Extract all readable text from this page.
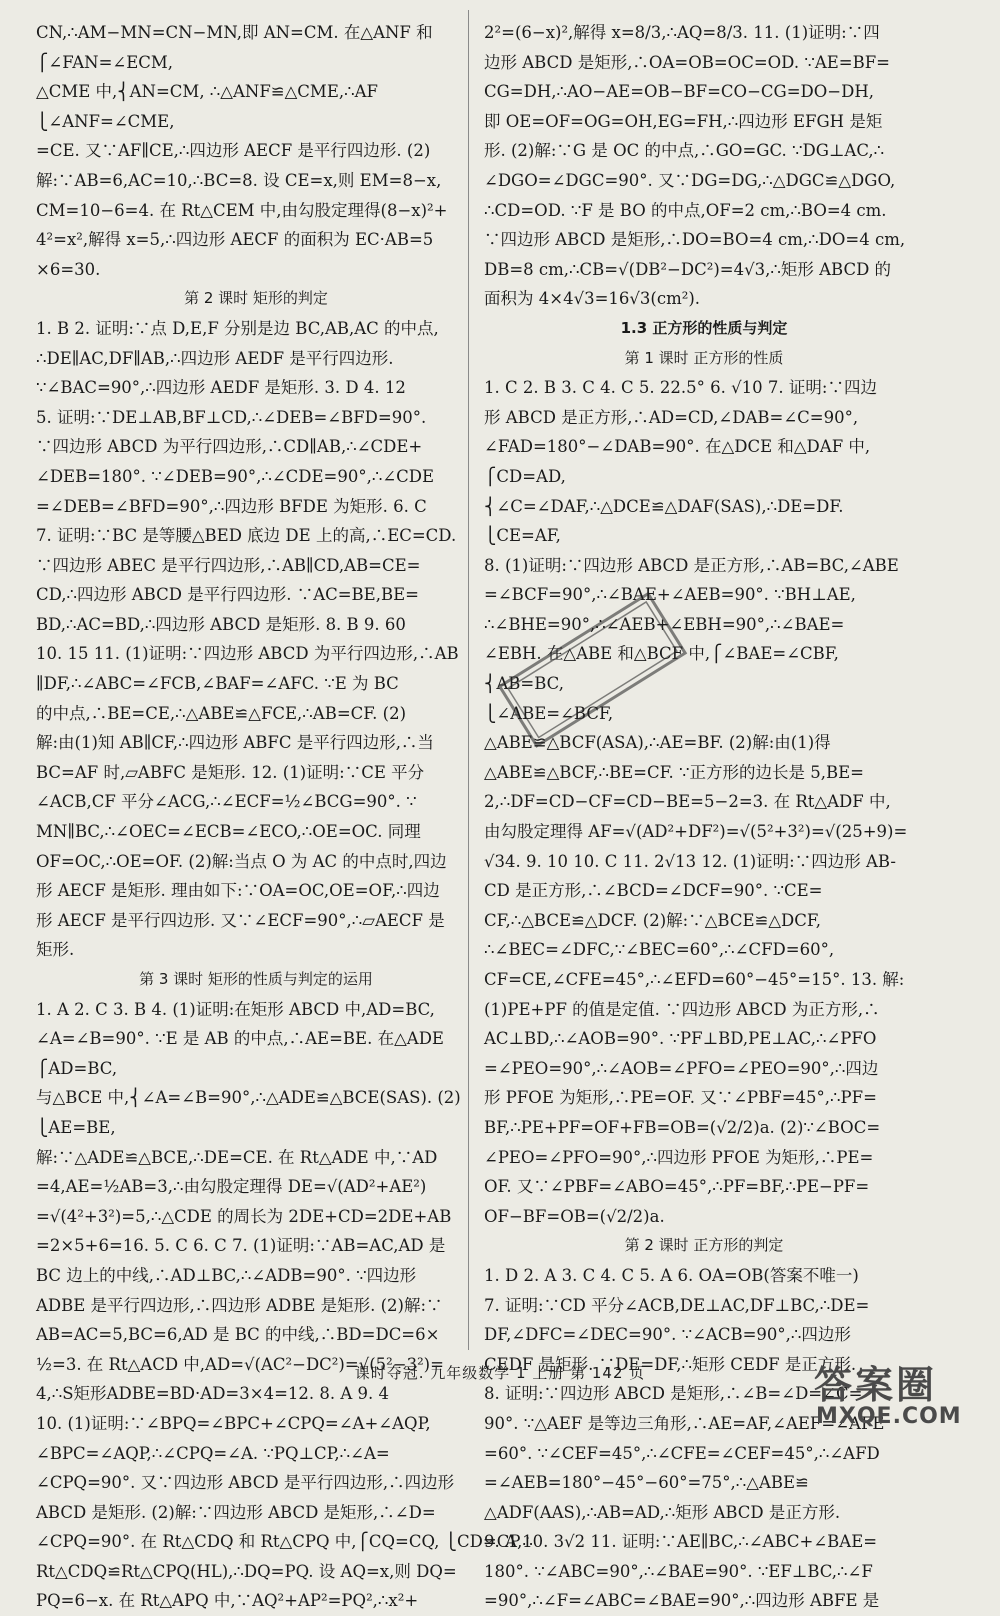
CN,∴AM−MN=CN−MN,即 AN=CM. 在△ANF 和
⎧∠FAN=∠ECM,
△CME 中,⎨AN=CM, ∴△ANF≌△CME,∴AF
⎩∠ANF=∠CME,
=CE. 又∵AF∥CE,∴四边形 AECF 是平行四边形. (2)
解:∵AB=6,AC=10,∴BC=8. 设 CE=x,则 EM=8−x,
CM=10−6=4. 在 Rt△CEM 中,由勾股定理得(8−x)²+
4²=x²,解得 x=5,∴四边形 AECF 的面积为 EC·AB=5
×6=30.
第 2 课时 矩形的判定
1. B 2. 证明:∵点 D,E,F 分别是边 BC,AB,AC 的中点,
∴DE∥AC,DF∥AB,∴四边形 AEDF 是平行四边形.
∵∠BAC=90°,∴四边形 AEDF 是矩形. 3. D 4. 12
5. 证明:∵DE⊥AB,BF⊥CD,∴∠DEB=∠BFD=90°.
∵四边形 ABCD 为平行四边形,∴CD∥AB,∴∠CDE+
∠DEB=180°. ∵∠DEB=90°,∴∠CDE=90°,∴∠CDE
=∠DEB=∠BFD=90°,∴四边形 BFDE 为矩形. 6. C
7. 证明:∵BC 是等腰△BED 底边 DE 上的高,∴EC=CD.
∵四边形 ABEC 是平行四边形,∴AB∥CD,AB=CE=
CD,∴四边形 ABCD 是平行四边形. ∵AC=BE,BE=
BD,∴AC=BD,∴四边形 ABCD 是矩形. 8. B 9. 60
10. 15 11. (1)证明:∵四边形 ABCD 为平行四边形,∴AB
∥DF,∴∠ABC=∠FCB,∠BAF=∠AFC. ∵E 为 BC
的中点,∴BE=CE,∴△ABE≌△FCE,∴AB=CF. (2)
解:由(1)知 AB∥CF,∴四边形 ABFC 是平行四边形,∴当
BC=AF 时,▱ABFC 是矩形. 12. (1)证明:∵CE 平分
∠ACB,CF 平分∠ACG,∴∠ECF=½∠BCG=90°. ∵
MN∥BC,∴∠OEC=∠ECB=∠ECO,∴OE=OC. 同理
OF=OC,∴OE=OF. (2)解:当点 O 为 AC 的中点时,四边
形 AECF 是矩形. 理由如下:∵OA=OC,OE=OF,∴四边
形 AECF 是平行四边形. 又∵∠ECF=90°,∴▱AECF 是
矩形.
第 3 课时 矩形的性质与判定的运用
1. A 2. C 3. B 4. (1)证明:在矩形 ABCD 中,AD=BC,
∠A=∠B=90°. ∵E 是 AB 的中点,∴AE=BE. 在△ADE
⎧AD=BC,
与△BCE 中,⎨∠A=∠B=90°,∴△ADE≌△BCE(SAS). (2)
⎩AE=BE,
解:∵△ADE≌△BCE,∴DE=CE. 在 Rt△ADE 中,∵AD
=4,AE=½AB=3,∴由勾股定理得 DE=√(AD²+AE²)
=√(4²+3²)=5,∴△CDE 的周长为 2DE+CD=2DE+AB
=2×5+6=16. 5. C 6. C 7. (1)证明:∵AB=AC,AD 是
BC 边上的中线,∴AD⊥BC,∴∠ADB=90°. ∵四边形
ADBE 是平行四边形,∴四边形 ADBE 是矩形. (2)解:∵
AB=AC=5,BC=6,AD 是 BC 的中线,∴BD=DC=6×
½=3. 在 Rt△ACD 中,AD=√(AC²−DC²)=√(5²−3²)=
4,∴S矩形ADBE=BD·AD=3×4=12. 8. A 9. 4
10. (1)证明:∵∠BPQ=∠BPC+∠CPQ=∠A+∠AQP,
∠BPC=∠AQP,∴∠CPQ=∠A. ∵PQ⊥CP,∴∠A=
∠CPQ=90°. 又∵四边形 ABCD 是平行四边形,∴四边形
ABCD 是矩形. (2)解:∵四边形 ABCD 是矩形,∴∠D=
∠CPQ=90°. 在 Rt△CDQ 和 Rt△CPQ 中,⎧CQ=CQ, ⎩CD=CP,∴
Rt△CDQ≌Rt△CPQ(HL),∴DQ=PQ. 设 AQ=x,则 DQ=
PQ=6−x. 在 Rt△APQ 中,∵AQ²+AP²=PQ²,∴x²+
2²=(6−x)²,解得 x=8/3,∴AQ=8/3. 11. (1)证明:∵四
边形 ABCD 是矩形,∴OA=OB=OC=OD. ∵AE=BF=
CG=DH,∴AO−AE=OB−BF=CO−CG=DO−DH,
即 OE=OF=OG=OH,EG=FH,∴四边形 EFGH 是矩
形. (2)解:∵G 是 OC 的中点,∴GO=GC. ∵DG⊥AC,∴
∠DGO=∠DGC=90°. 又∵DG=DG,∴△DGC≌△DGO,
∴CD=OD. ∵F 是 BO 的中点,OF=2 cm,∴BO=4 cm.
∵四边形 ABCD 是矩形,∴DO=BO=4 cm,∴DO=4 cm,
DB=8 cm,∴CB=√(DB²−DC²)=4√3,∴矩形 ABCD 的
面积为 4×4√3=16√3(cm²).
1.3 正方形的性质与判定
第 1 课时 正方形的性质
1. C 2. B 3. C 4. C 5. 22.5° 6. √10 7. 证明:∵四边
形 ABCD 是正方形,∴AD=CD,∠DAB=∠C=90°,
∠FAD=180°−∠DAB=90°. 在△DCE 和△DAF 中,
⎧CD=AD,
⎨∠C=∠DAF,∴△DCE≌△DAF(SAS),∴DE=DF.
⎩CE=AF,
8. (1)证明:∵四边形 ABCD 是正方形,∴AB=BC,∠ABE
=∠BCF=90°,∴∠BAE+∠AEB=90°. ∵BH⊥AE,
∴∠BHE=90°,∴∠AEB+∠EBH=90°,∴∠BAE=
∠EBH. 在△ABE 和△BCF 中,⎧∠BAE=∠CBF,
⎨AB=BC,
⎩∠ABE=∠BCF,
△ABE≌△BCF(ASA),∴AE=BF. (2)解:由(1)得
△ABE≌△BCF,∴BE=CF. ∵正方形的边长是 5,BE=
2,∴DF=CD−CF=CD−BE=5−2=3. 在 Rt△ADF 中,
由勾股定理得 AF=√(AD²+DF²)=√(5²+3²)=√(25+9)=
√34. 9. 10 10. C 11. 2√13 12. (1)证明:∵四边形 AB-
CD 是正方形,∴∠BCD=∠DCF=90°. ∵CE=
CF,∴△BCE≌△DCF. (2)解:∵△BCE≌△DCF,
∴∠BEC=∠DFC,∵∠BEC=60°,∴∠CFD=60°,
CF=CE,∠CFE=45°,∴∠EFD=60°−45°=15°. 13. 解:
(1)PE+PF 的值是定值. ∵四边形 ABCD 为正方形,∴
AC⊥BD,∴∠AOB=90°. ∵PF⊥BD,PE⊥AC,∴∠PFO
=∠PEO=90°,∴∠AOB=∠PFO=∠PEO=90°,∴四边
形 PFOE 为矩形,∴PE=OF. 又∵∠PBF=45°,∴PF=
BF,∴PE+PF=OF+FB=OB=(√2/2)a. (2)∵∠BOC=
∠PEO=∠PFO=90°,∴四边形 PFOE 为矩形,∴PE=
OF. 又∵∠PBF=∠ABO=45°,∴PF=BF,∴PE−PF=
OF−BF=OB=(√2/2)a.
第 2 课时 正方形的判定
1. D 2. A 3. C 4. C 5. A 6. OA=OB(答案不唯一)
7. 证明:∵CD 平分∠ACB,DE⊥AC,DF⊥BC,∴DE=
DF,∠DFC=∠DEC=90°. ∵∠ACB=90°,∴四边形
CEDF 是矩形. ∵DE=DF,∴矩形 CEDF 是正方形.
8. 证明:∵四边形 ABCD 是矩形,∴∠B=∠D=∠C=
90°. ∵△AEF 是等边三角形,∴AE=AF,∠AEF=∠AFE
=60°. ∵∠CEF=45°,∴∠CFE=∠CEF=45°,∴∠AFD
=∠AEB=180°−45°−60°=75°,∴△ABE≌
△ADF(AAS),∴AB=AD,∴矩形 ABCD 是正方形.
9. A 10. 3√2 11. 证明:∵AE∥BC,∴∠ABC+∠BAE=
180°. ∵∠ABC=90°,∴∠BAE=90°. ∵EF⊥BC,∴∠F
=90°,∴∠F=∠ABC=∠BAE=90°,∴四边形 ABFE 是
课时夺冠. 九年级数学 1 上册 第 142 页	答案圈
MXQE.COM
